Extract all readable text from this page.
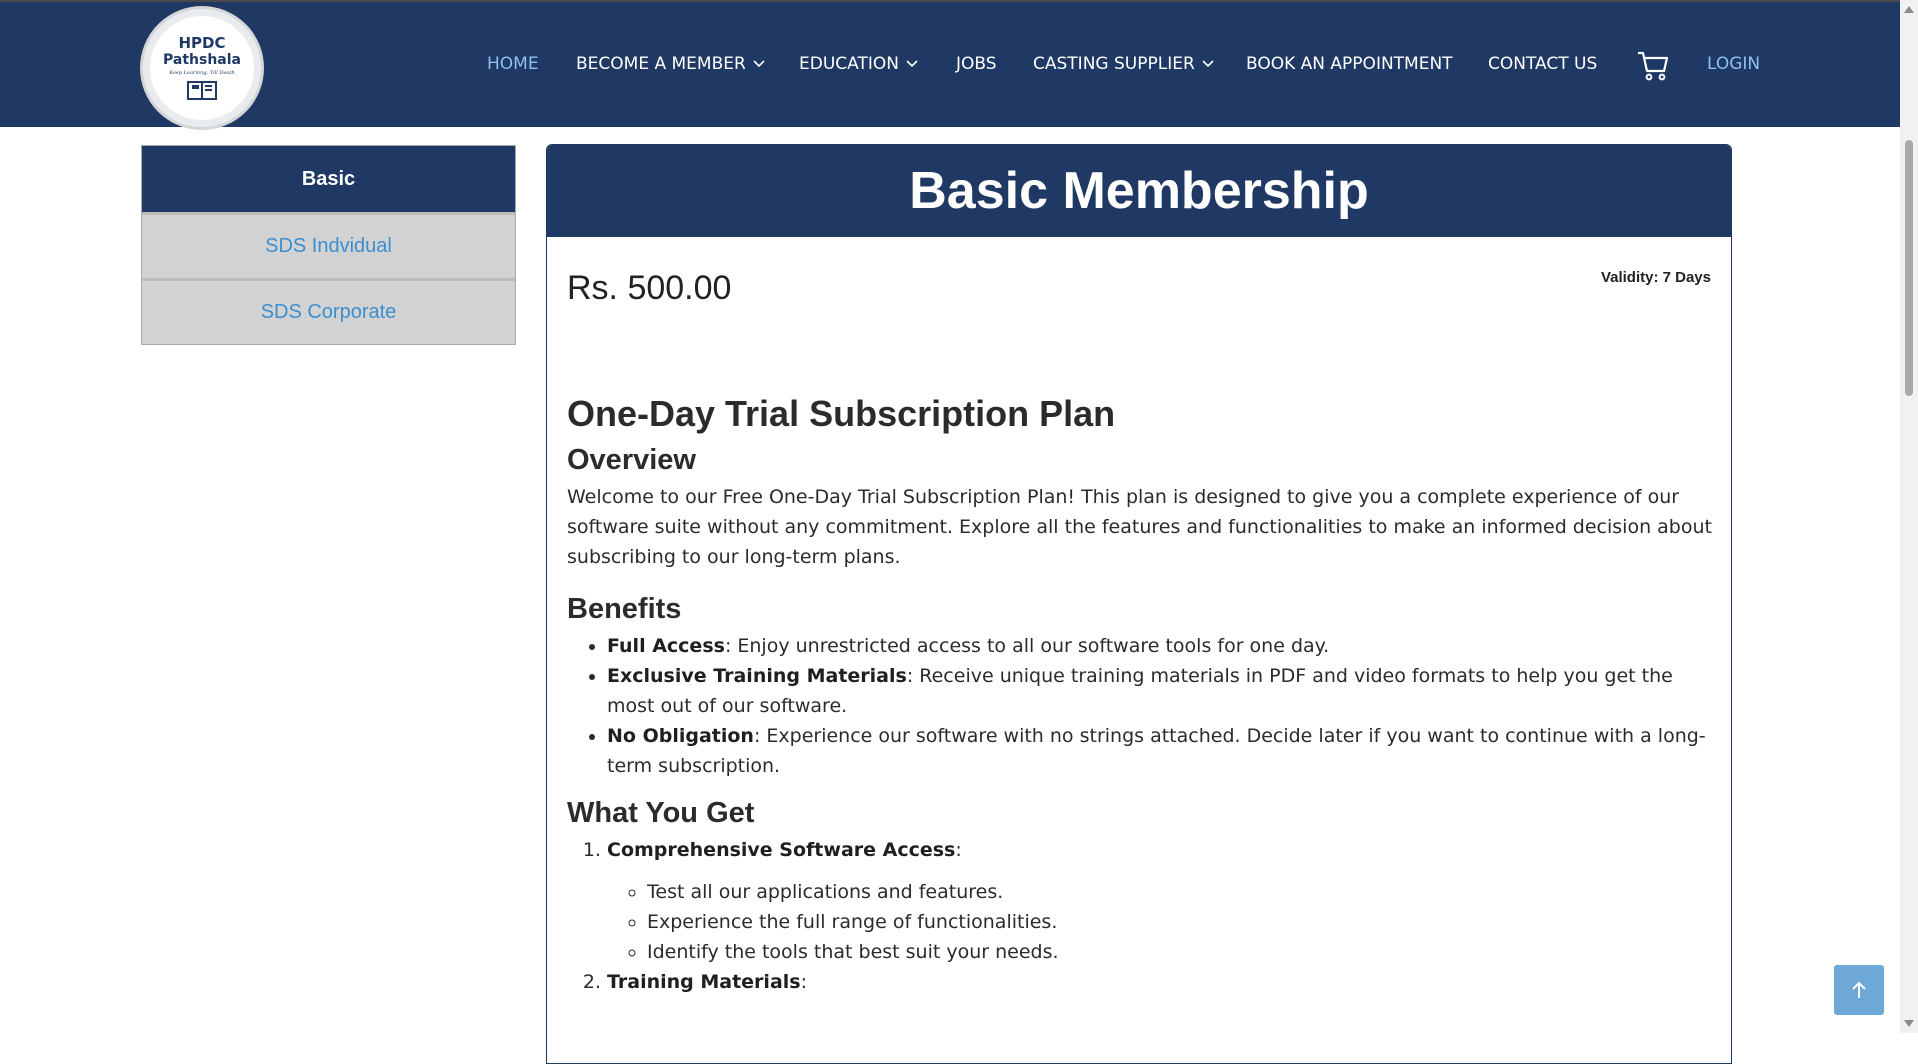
HPDC
Pathshala
Keep Learning, Till Death	HOME BECOME A MEMBER	EDUCATION	JOBS CASTING SUPPLIER	BOOK AN APPOINTMENT CONTACT US	LOGIN
Basic
SDS Indvidual
SDS Corporate
Basic Membership
Rs. 500.00	Validity: 7 Days
One-Day Trial Subscription Plan
Overview

Welcome to our Free One-Day Trial Subscription Plan! This plan is designed to give you a complete experience of our software suite without any commitment. Explore all the features and functionalities to make an informed decision about subscribing to our long-term plans.

Benefits
• Full Access: Enjoy unrestricted access to all our software tools for one day.
• Exclusive Training Materials: Receive unique training materials in PDF and video formats to help you get the most out of our software.
• No Obligation: Experience our software with no strings attached. Decide later if you want to continue with a long-term subscription.
What You Get
1. Comprehensive Software Access:
◦ Test all our applications and features.
◦ Experience the full range of functionalities.
◦ Identify the tools that best suit your needs.
2. Training Materials:
